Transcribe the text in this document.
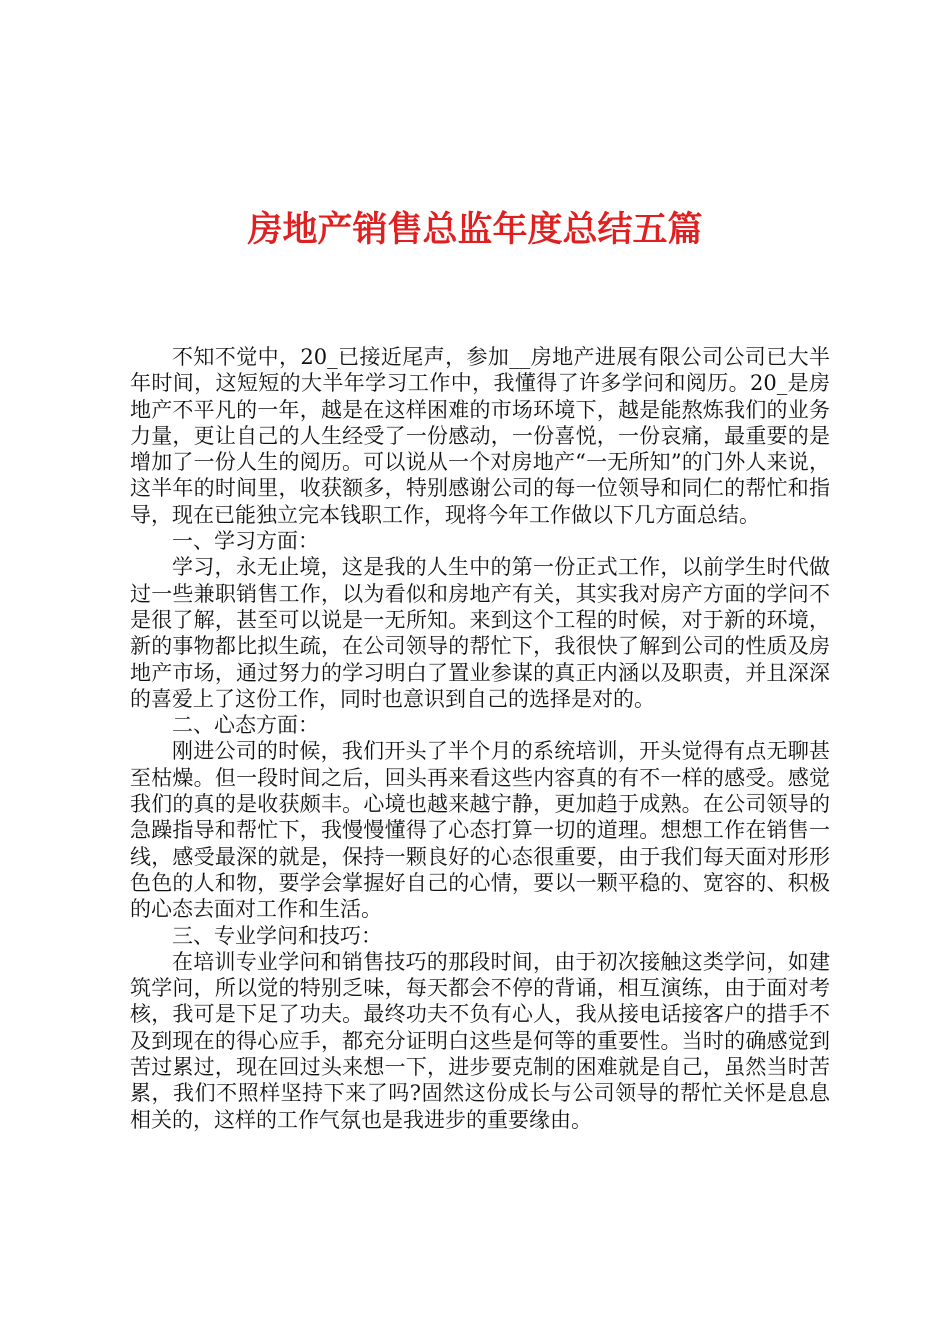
房地产销售总监年度总结五篇

不知不觉中，20_已接近尾声，参加__房地产进展有限公司公司已大半年时间，这短短的大半年学习工作中，我懂得了许多学问和阅历。20_是房地产不平凡的一年，越是在这样困难的市场环境下，越是能熬炼我们的业务力量，更让自己的人生经受了一份感动，一份喜悦，一份哀痛，最重要的是增加了一份人生的阅历。可以说从一个对房地产“一无所知”的门外人来说，这半年的时间里，收获额多，特别感谢公司的每一位领导和同仁的帮忙和指导，现在已能独立完本钱职工作，现将今年工作做以下几方面总结。

一、学习方面：

学习，永无止境，这是我的人生中的第一份正式工作，以前学生时代做过一些兼职销售工作，以为看似和房地产有关，其实我对房产方面的学问不是很了解，甚至可以说是一无所知。来到这个工程的时候，对于新的环境，新的事物都比拟生疏，在公司领导的帮忙下，我很快了解到公司的性质及房地产市场，通过努力的学习明白了置业参谋的真正内涵以及职责，并且深深的喜爱上了这份工作，同时也意识到自己的选择是对的。

二、心态方面：

刚进公司的时候，我们开头了半个月的系统培训，开头觉得有点无聊甚至枯燥。但一段时间之后，回头再来看这些内容真的有不一样的感受。感觉我们的真的是收获颇丰。心境也越来越宁静，更加趋于成熟。在公司领导的急躁指导和帮忙下，我慢慢懂得了心态打算一切的道理。想想工作在销售一线，感受最深的就是，保持一颗良好的心态很重要，由于我们每天面对形形色色的人和物，要学会掌握好自己的心情，要以一颗平稳的、宽容的、积极的心态去面对工作和生活。

三、专业学问和技巧：

在培训专业学问和销售技巧的那段时间，由于初次接触这类学问，如建筑学问，所以觉的特别乏味，每天都会不停的背诵，相互演练，由于面对考核，我可是下足了功夫。最终功夫不负有心人，我从接电话接客户的措手不及到现在的得心应手，都充分证明白这些是何等的重要性。当时的确感觉到苦过累过，现在回过头来想一下，进步要克制的困难就是自己，虽然当时苦累，我们不照样坚持下来了吗?固然这份成长与公司领导的帮忙关怀是息息相关的，这样的工作气氛也是我进步的重要缘由。
